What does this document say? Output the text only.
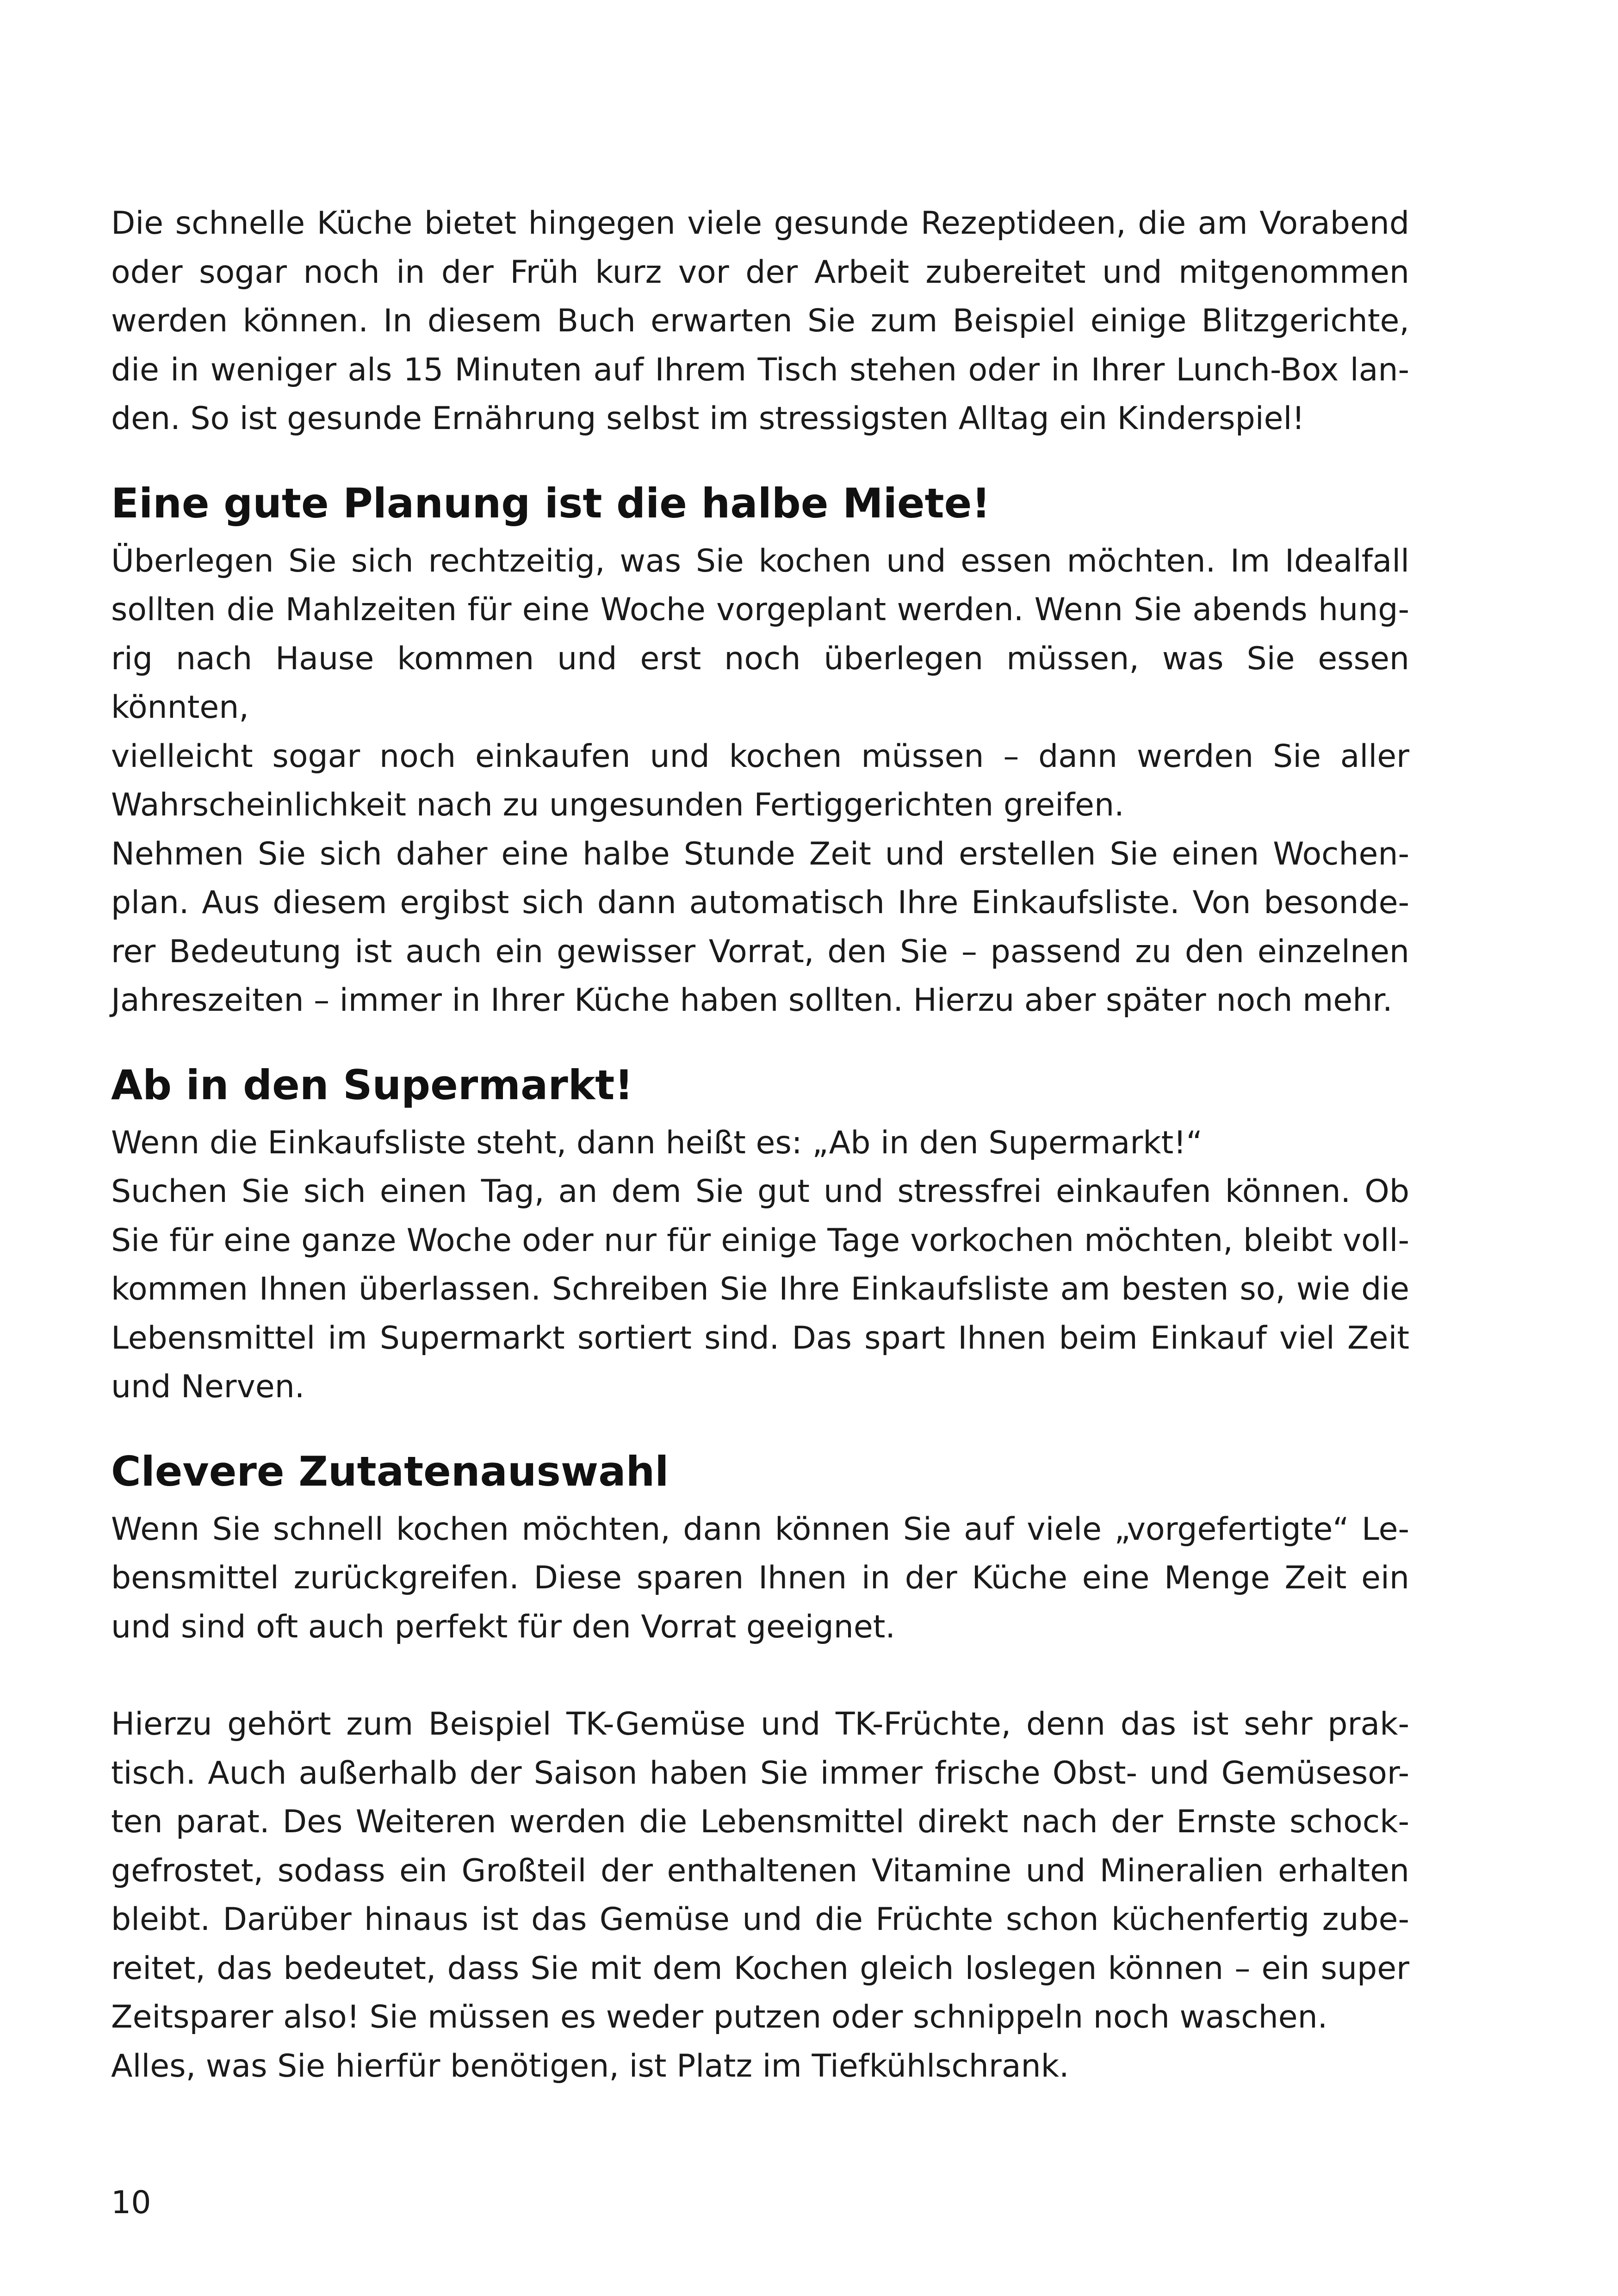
Die schnelle Küche bietet hingegen viele gesunde Rezeptideen, die am Vorabend
oder sogar noch in der Früh kurz vor der Arbeit zubereitet und mitgenommen
werden können. In diesem Buch erwarten Sie zum Beispiel einige Blitzgerichte,
die in weniger als 15 Minuten auf Ihrem Tisch stehen oder in Ihrer Lunch-Box lan-
den. So ist gesunde Ernährung selbst im stressigsten Alltag ein Kinderspiel!

Eine gute Planung ist die halbe Miete!

Überlegen Sie sich rechtzeitig, was Sie kochen und essen möchten. Im Idealfall
sollten die Mahlzeiten für eine Woche vorgeplant werden. Wenn Sie abends hung-
rig nach Hause kommen und erst noch überlegen müssen, was Sie essen könnten,
vielleicht sogar noch einkaufen und kochen müssen – dann werden Sie aller
Wahrscheinlichkeit nach zu ungesunden Fertiggerichten greifen.
Nehmen Sie sich daher eine halbe Stunde Zeit und erstellen Sie einen Wochen-
plan. Aus diesem ergibst sich dann automatisch Ihre Einkaufsliste. Von besonde-
rer Bedeutung ist auch ein gewisser Vorrat, den Sie – passend zu den einzelnen
Jahreszeiten – immer in Ihrer Küche haben sollten. Hierzu aber später noch mehr.

Ab in den Supermarkt!

Wenn die Einkaufsliste steht, dann heißt es: „Ab in den Supermarkt!“
Suchen Sie sich einen Tag, an dem Sie gut und stressfrei einkaufen können. Ob
Sie für eine ganze Woche oder nur für einige Tage vorkochen möchten, bleibt voll-
kommen Ihnen überlassen. Schreiben Sie Ihre Einkaufsliste am besten so, wie die
Lebensmittel im Supermarkt sortiert sind. Das spart Ihnen beim Einkauf viel Zeit
und Nerven.

Clevere Zutatenauswahl

Wenn Sie schnell kochen möchten, dann können Sie auf viele „vorgefertigte“ Le-
bensmittel zurückgreifen. Diese sparen Ihnen in der Küche eine Menge Zeit ein
und sind oft auch perfekt für den Vorrat geeignet.

Hierzu gehört zum Beispiel TK-Gemüse und TK-Früchte, denn das ist sehr prak-
tisch. Auch außerhalb der Saison haben Sie immer frische Obst- und Gemüsesor-
ten parat. Des Weiteren werden die Lebensmittel direkt nach der Ernste schock-
gefrostet, sodass ein Großteil der enthaltenen Vitamine und Mineralien erhalten
bleibt. Darüber hinaus ist das Gemüse und die Früchte schon küchenfertig zube-
reitet, das bedeutet, dass Sie mit dem Kochen gleich loslegen können – ein super
Zeitsparer also! Sie müssen es weder putzen oder schnippeln noch waschen.
Alles, was Sie hierfür benötigen, ist Platz im Tiefkühlschrank.

10
